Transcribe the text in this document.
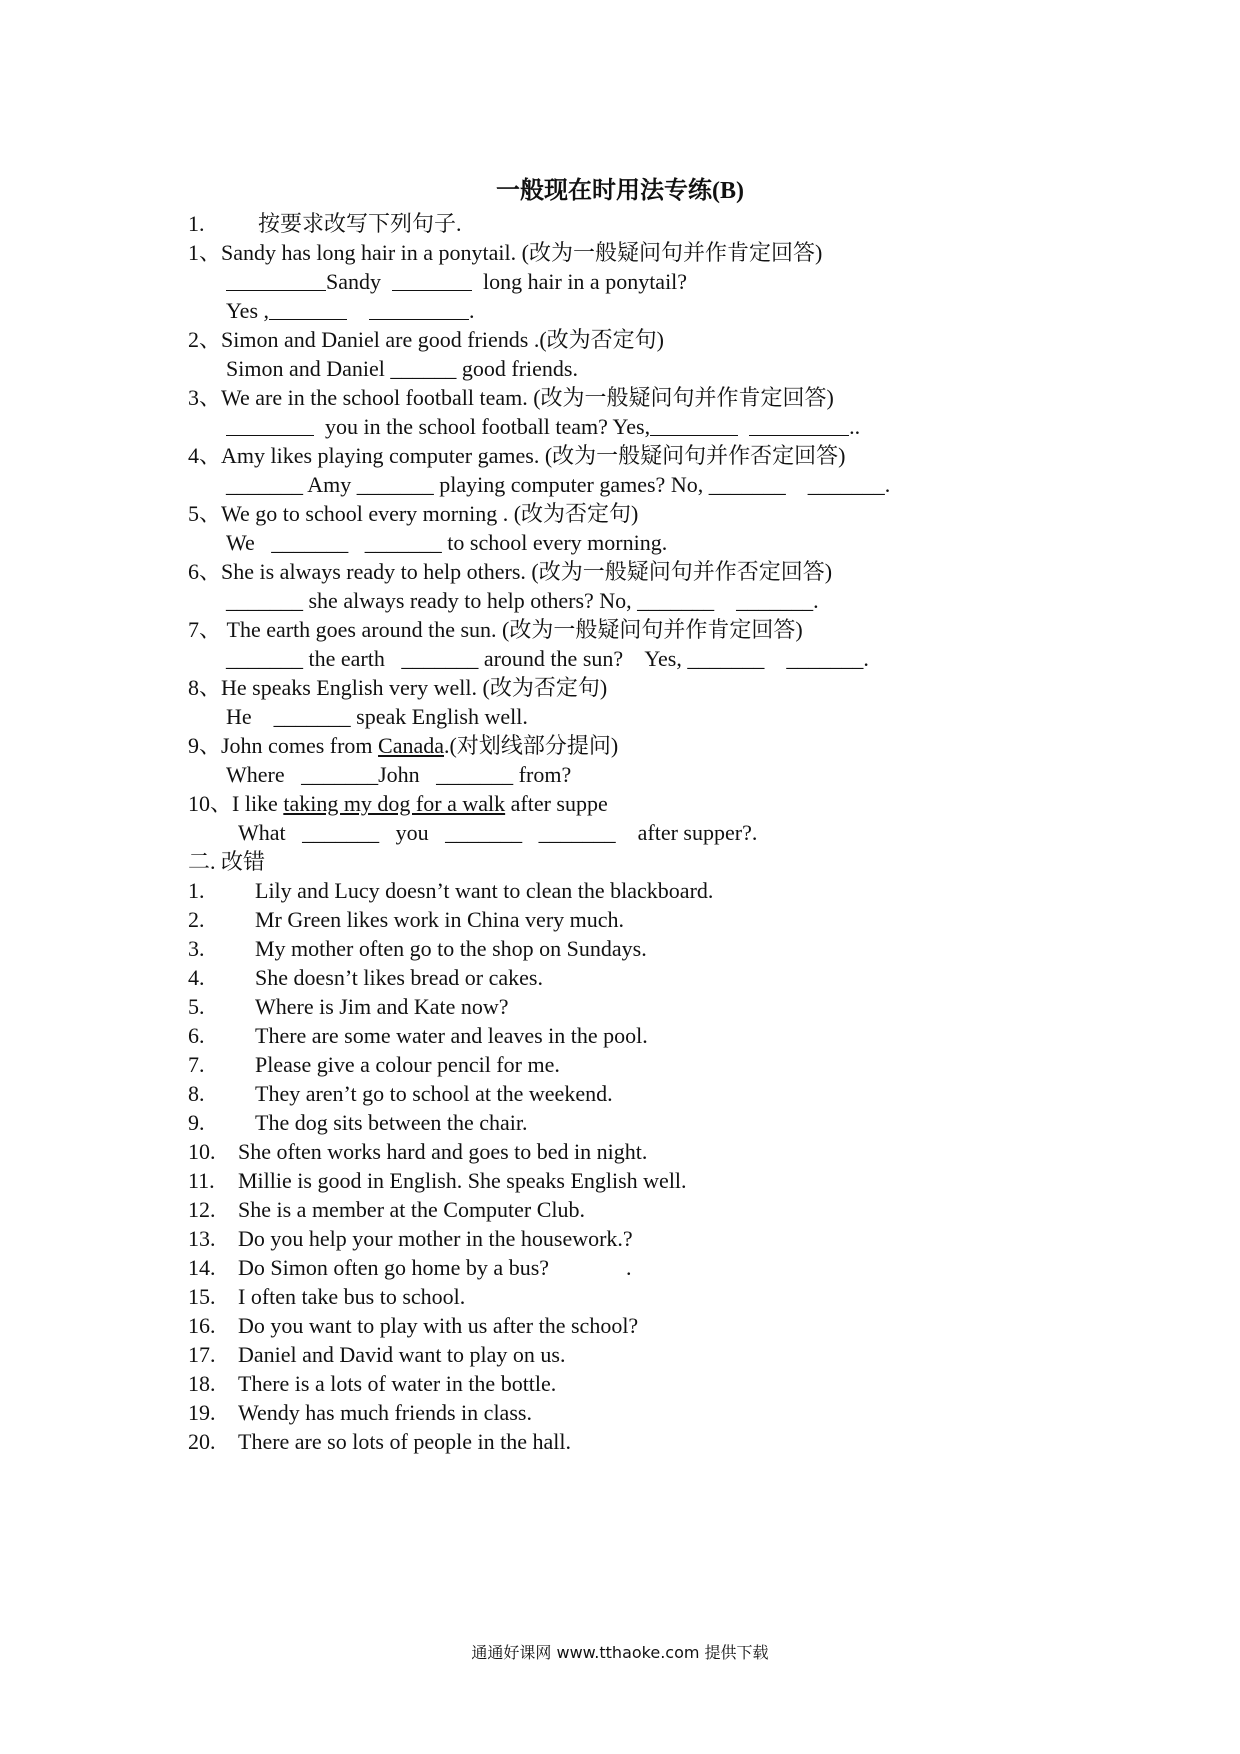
一般现在时用法专练(B)
1. 按要求改写下列句子.
1、Sandy has long hair in a ponytail. (改为一般疑问句并作肯定回答)
Sandy	long hair in a ponytail?
Yes ,	.
2、Simon and Daniel are good friends .(改为否定句)
Simon and Daniel ______ good friends.
3、We are in the school football team. (改为一般疑问句并作肯定回答)
you in the school football team? Yes,	..
4、Amy likes playing computer games. (改为一般疑问句并作否定回答)
_______ Amy _______ playing computer games? No, _______    _______.
5、We go to school every morning . (改为否定句)
We   _______   _______ to school every morning.
6、She is always ready to help others. (改为一般疑问句并作否定回答)
_______ she always ready to help others? No, _______    _______.
7、 The earth goes around the sun. (改为一般疑问句并作肯定回答)
_______ the earth   _______ around the sun?    Yes, _______    _______.
8、He speaks English very well. (改为否定句)
He    _______ speak English well.
9、John comes from Canada.(对划线部分提问)
Where   _______John   _______ from?
10、I like taking my dog for a walk after suppe
What   _______   you   _______   _______    after supper?.
二. 改错
1. Lily and Lucy doesn’t want to clean the blackboard.
2. Mr Green likes work in China very much.
3. My mother often go to the shop on Sundays.
4. She doesn’t likes bread or cakes.
5. Where is Jim and Kate now?
6. There are some water and leaves in the pool.
7. Please give a colour pencil for me.
8. They aren’t go to school at the weekend.
9. The dog sits between the chair.
10. She often works hard and goes to bed in night.
11. Millie is good in English. She speaks English well.
12. She is a member at the Computer Club.
13. Do you help your mother in the housework.?
14. Do Simon often go home by a bus?              .
15. I often take bus to school.
16. Do you want to play with us after the school?
17. Daniel and David want to play on us.
18. There is a lots of water in the bottle.
19. Wendy has much friends in class.
20. There are so lots of people in the hall.
通通好课网 www.tthaoke.com 提供下载
